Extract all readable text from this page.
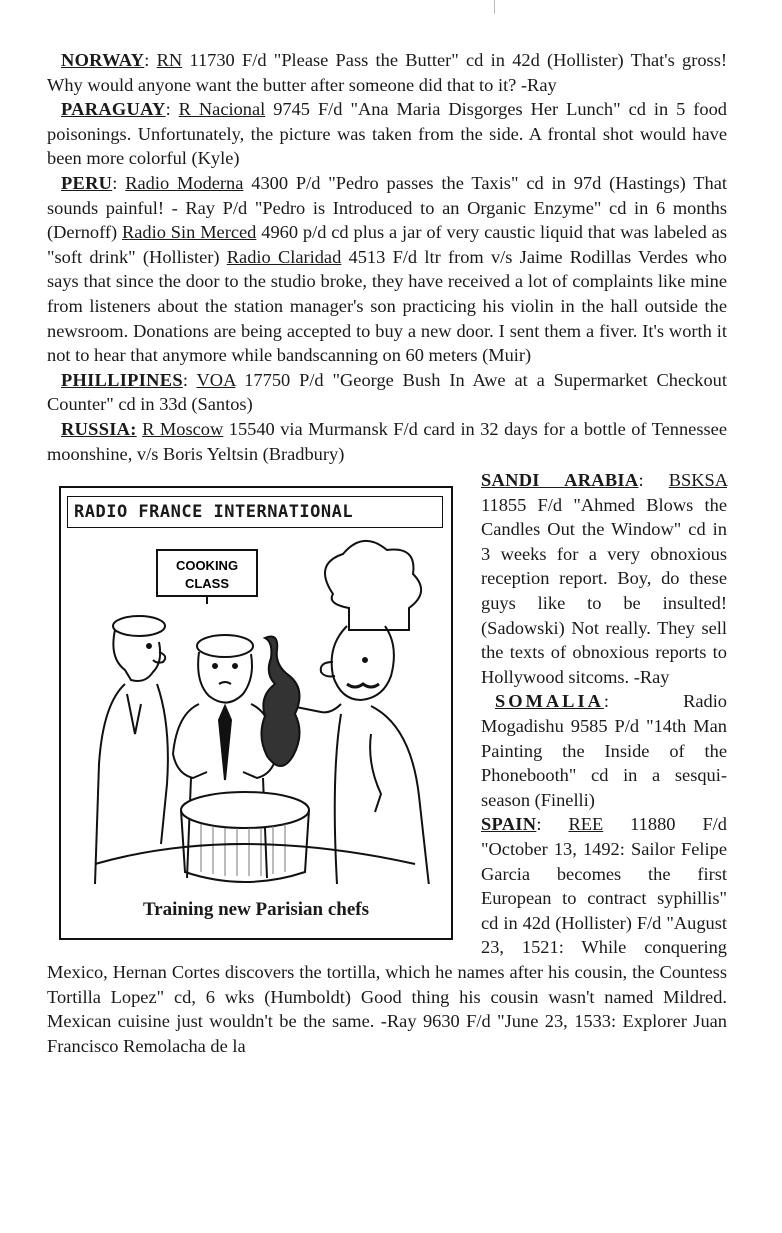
NORWAY: RN 11730 F/d "Please Pass the Butter" cd in 42d (Hollister) That's gross! Why would anyone want the butter after someone did that to it? -Ray

PARAGUAY: R Nacional 9745 F/d "Ana Maria Disgorges Her Lunch" cd in 5 food poisonings. Unfortunately, the picture was taken from the side. A frontal shot would have been more colorful (Kyle)

PERU: Radio Moderna 4300 P/d "Pedro passes the Taxis" cd in 97d (Hastings) That sounds painful! - Ray P/d "Pedro is Introduced to an Organic Enzyme" cd in 6 months (Dernoff) Radio Sin Merced 4960 p/d cd plus a jar of very caustic liquid that was labeled as "soft drink" (Hollister) Radio Claridad 4513 F/d ltr from v/s Jaime Rodillas Verdes who says that since the door to the studio broke, they have received a lot of complaints like mine from listeners about the station manager's son practicing his violin in the hall outside the newsroom. Donations are being accepted to buy a new door. I sent them a fiver. It's worth it not to hear that anymore while bandscanning on 60 meters (Muir)

PHILLIPINES: VOA 17750 P/d "George Bush In Awe at a Supermarket Checkout Counter" cd in 33d (Santos)

RUSSIA: R Moscow 15540 via Murmansk F/d card in 32 days for a bottle of Tennessee moonshine, v/s Boris Yeltsin (Bradbury)

RADIO FRANCE INTERNATIONAL
COOKING
CLASS
Training new Parisian chefs

SANDI ARABIA: BSKSA 11855 F/d "Ahmed Blows the Candles Out the Window" cd in 3 weeks for a very obnoxious reception report. Boy, do these guys like to be insulted! (Sadowski) Not really. They sell the texts of obnoxious reports to Hollywood sitcoms. -Ray

SOMALIA: Radio Mogadishu 9585 P/d "14th Man Painting the Inside of the Phonebooth" cd in a sesqui-season (Finelli)

SPAIN: REE 11880 F/d "October 13, 1492: Sailor Felipe Garcia becomes the first European to contract syphillis" cd in 42d (Hollister) F/d "August 23, 1521: While conquering Mexico, Hernan Cortes discovers the tortilla, which he names after his cousin, the Countess Tortilla Lopez" cd, 6 wks (Humboldt) Good thing his cousin wasn't named Mildred. Mexican cuisine just wouldn't be the same. -Ray 9630 F/d "June 23, 1533: Explorer Juan Francisco Remolacha de la
